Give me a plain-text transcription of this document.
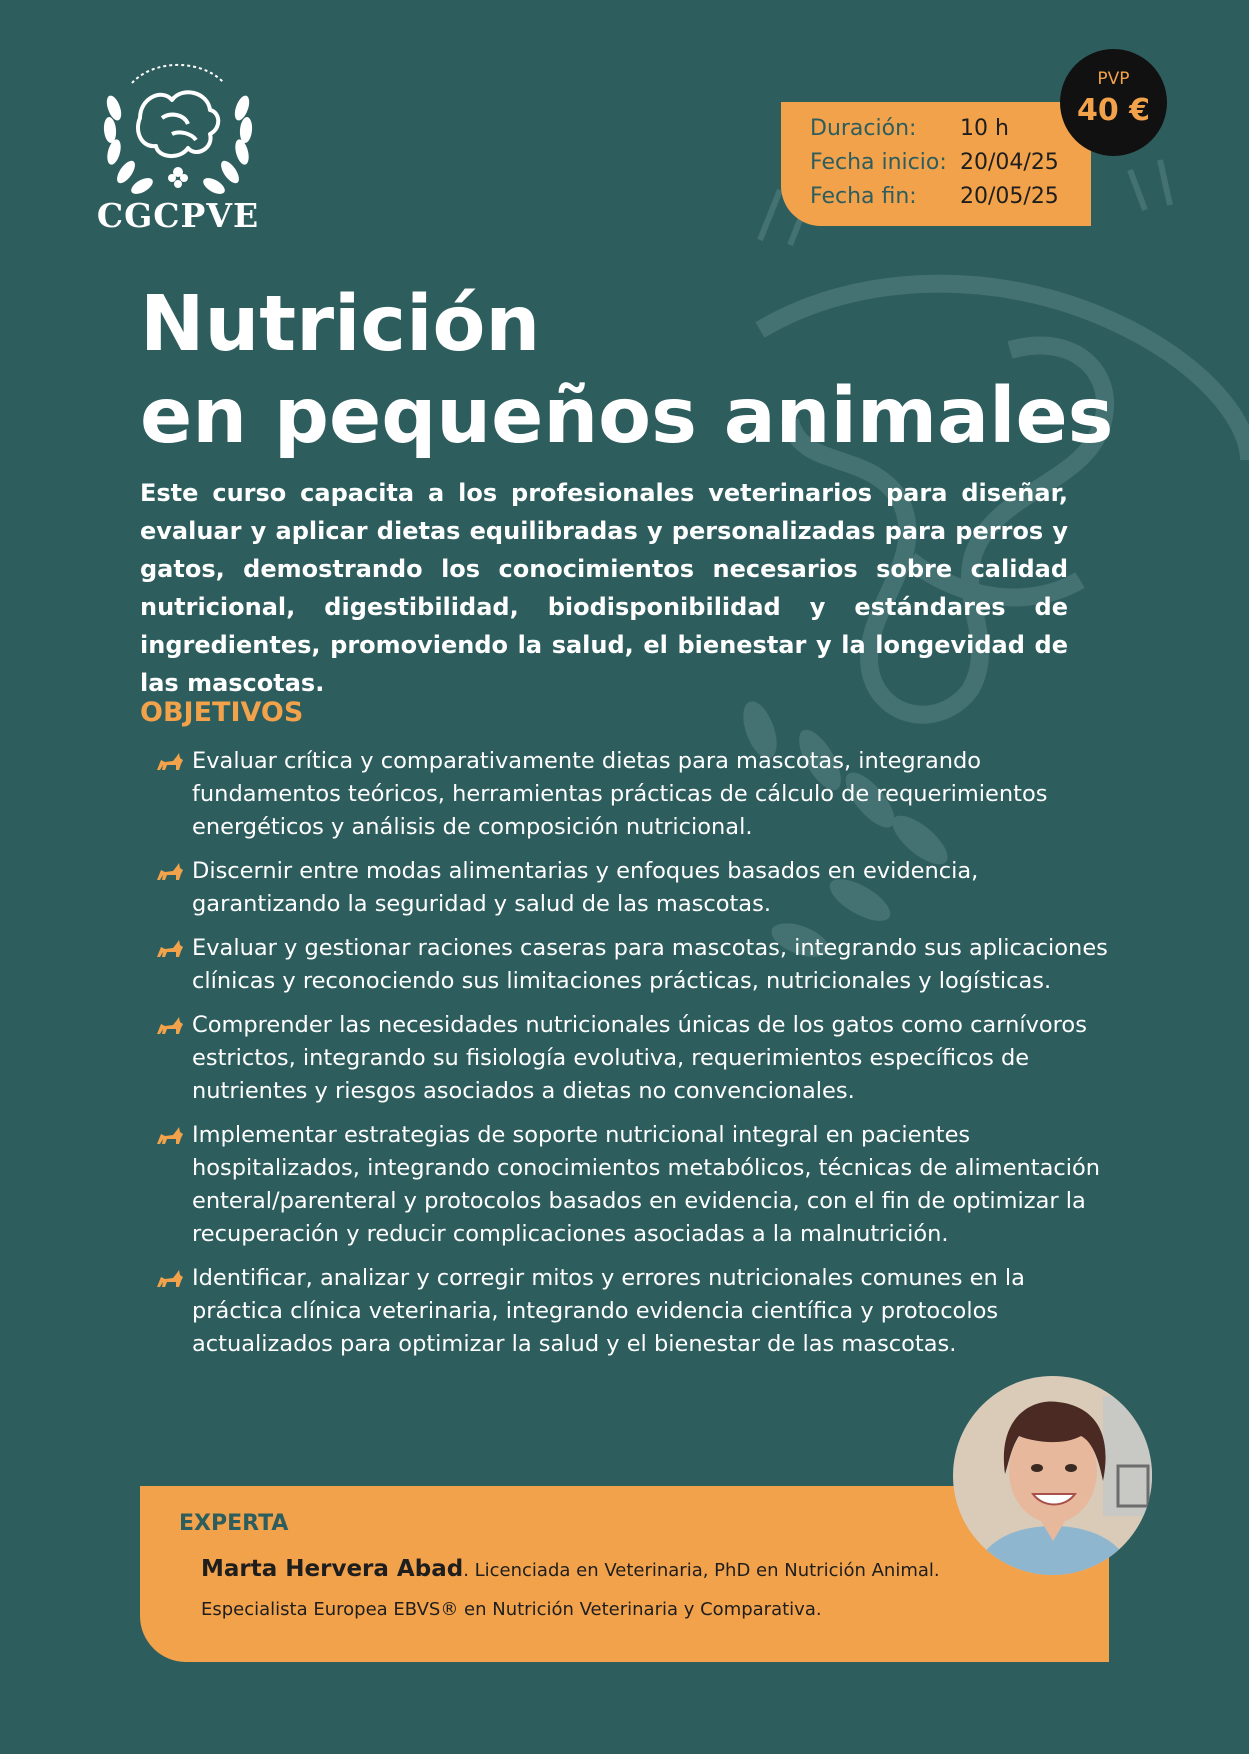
CGCPVE
Duración: 10 h
Fecha inicio: 20/04/25
Fecha fin: 20/05/25
PVP
40 €
Nutrición
en pequeños animales

Este curso capacita a los profesionales veterinarios para diseñar, evaluar y aplicar dietas equilibradas y personalizadas para perros y gatos, demostrando los conocimientos necesarios sobre calidad nutricional, digestibilidad, biodisponibilidad y estándares de ingredientes, promoviendo la salud, el bienestar y la longevidad de las mascotas.

OBJETIVOS
Evaluar crítica y comparativamente dietas para mascotas, integrando fundamentos teóricos, herramientas prácticas de cálculo de requerimientos energéticos y análisis de composición nutricional.
Discernir entre modas alimentarias y enfoques basados en evidencia, garantizando la seguridad y salud de las mascotas.
Evaluar y gestionar raciones caseras para mascotas, integrando sus aplicaciones clínicas y reconociendo sus limitaciones prácticas, nutricionales y logísticas.
Comprender las necesidades nutricionales únicas de los gatos como carnívoros estrictos, integrando su fisiología evolutiva, requerimientos específicos de nutrientes y riesgos asociados a dietas no convencionales.
Implementar estrategias de soporte nutricional integral en pacientes hospitalizados, integrando conocimientos metabólicos, técnicas de alimentación enteral/parenteral y protocolos basados en evidencia, con el fin de optimizar la recuperación y reducir complicaciones asociadas a la malnutrición.
Identificar, analizar y corregir mitos y errores nutricionales comunes en la práctica clínica veterinaria, integrando evidencia científica y protocolos actualizados para optimizar la salud y el bienestar de las mascotas.
EXPERTA
Marta Hervera Abad. Licenciada en Veterinaria, PhD en Nutrición Animal.
Especialista Europea EBVS® en Nutrición Veterinaria y Comparativa.
